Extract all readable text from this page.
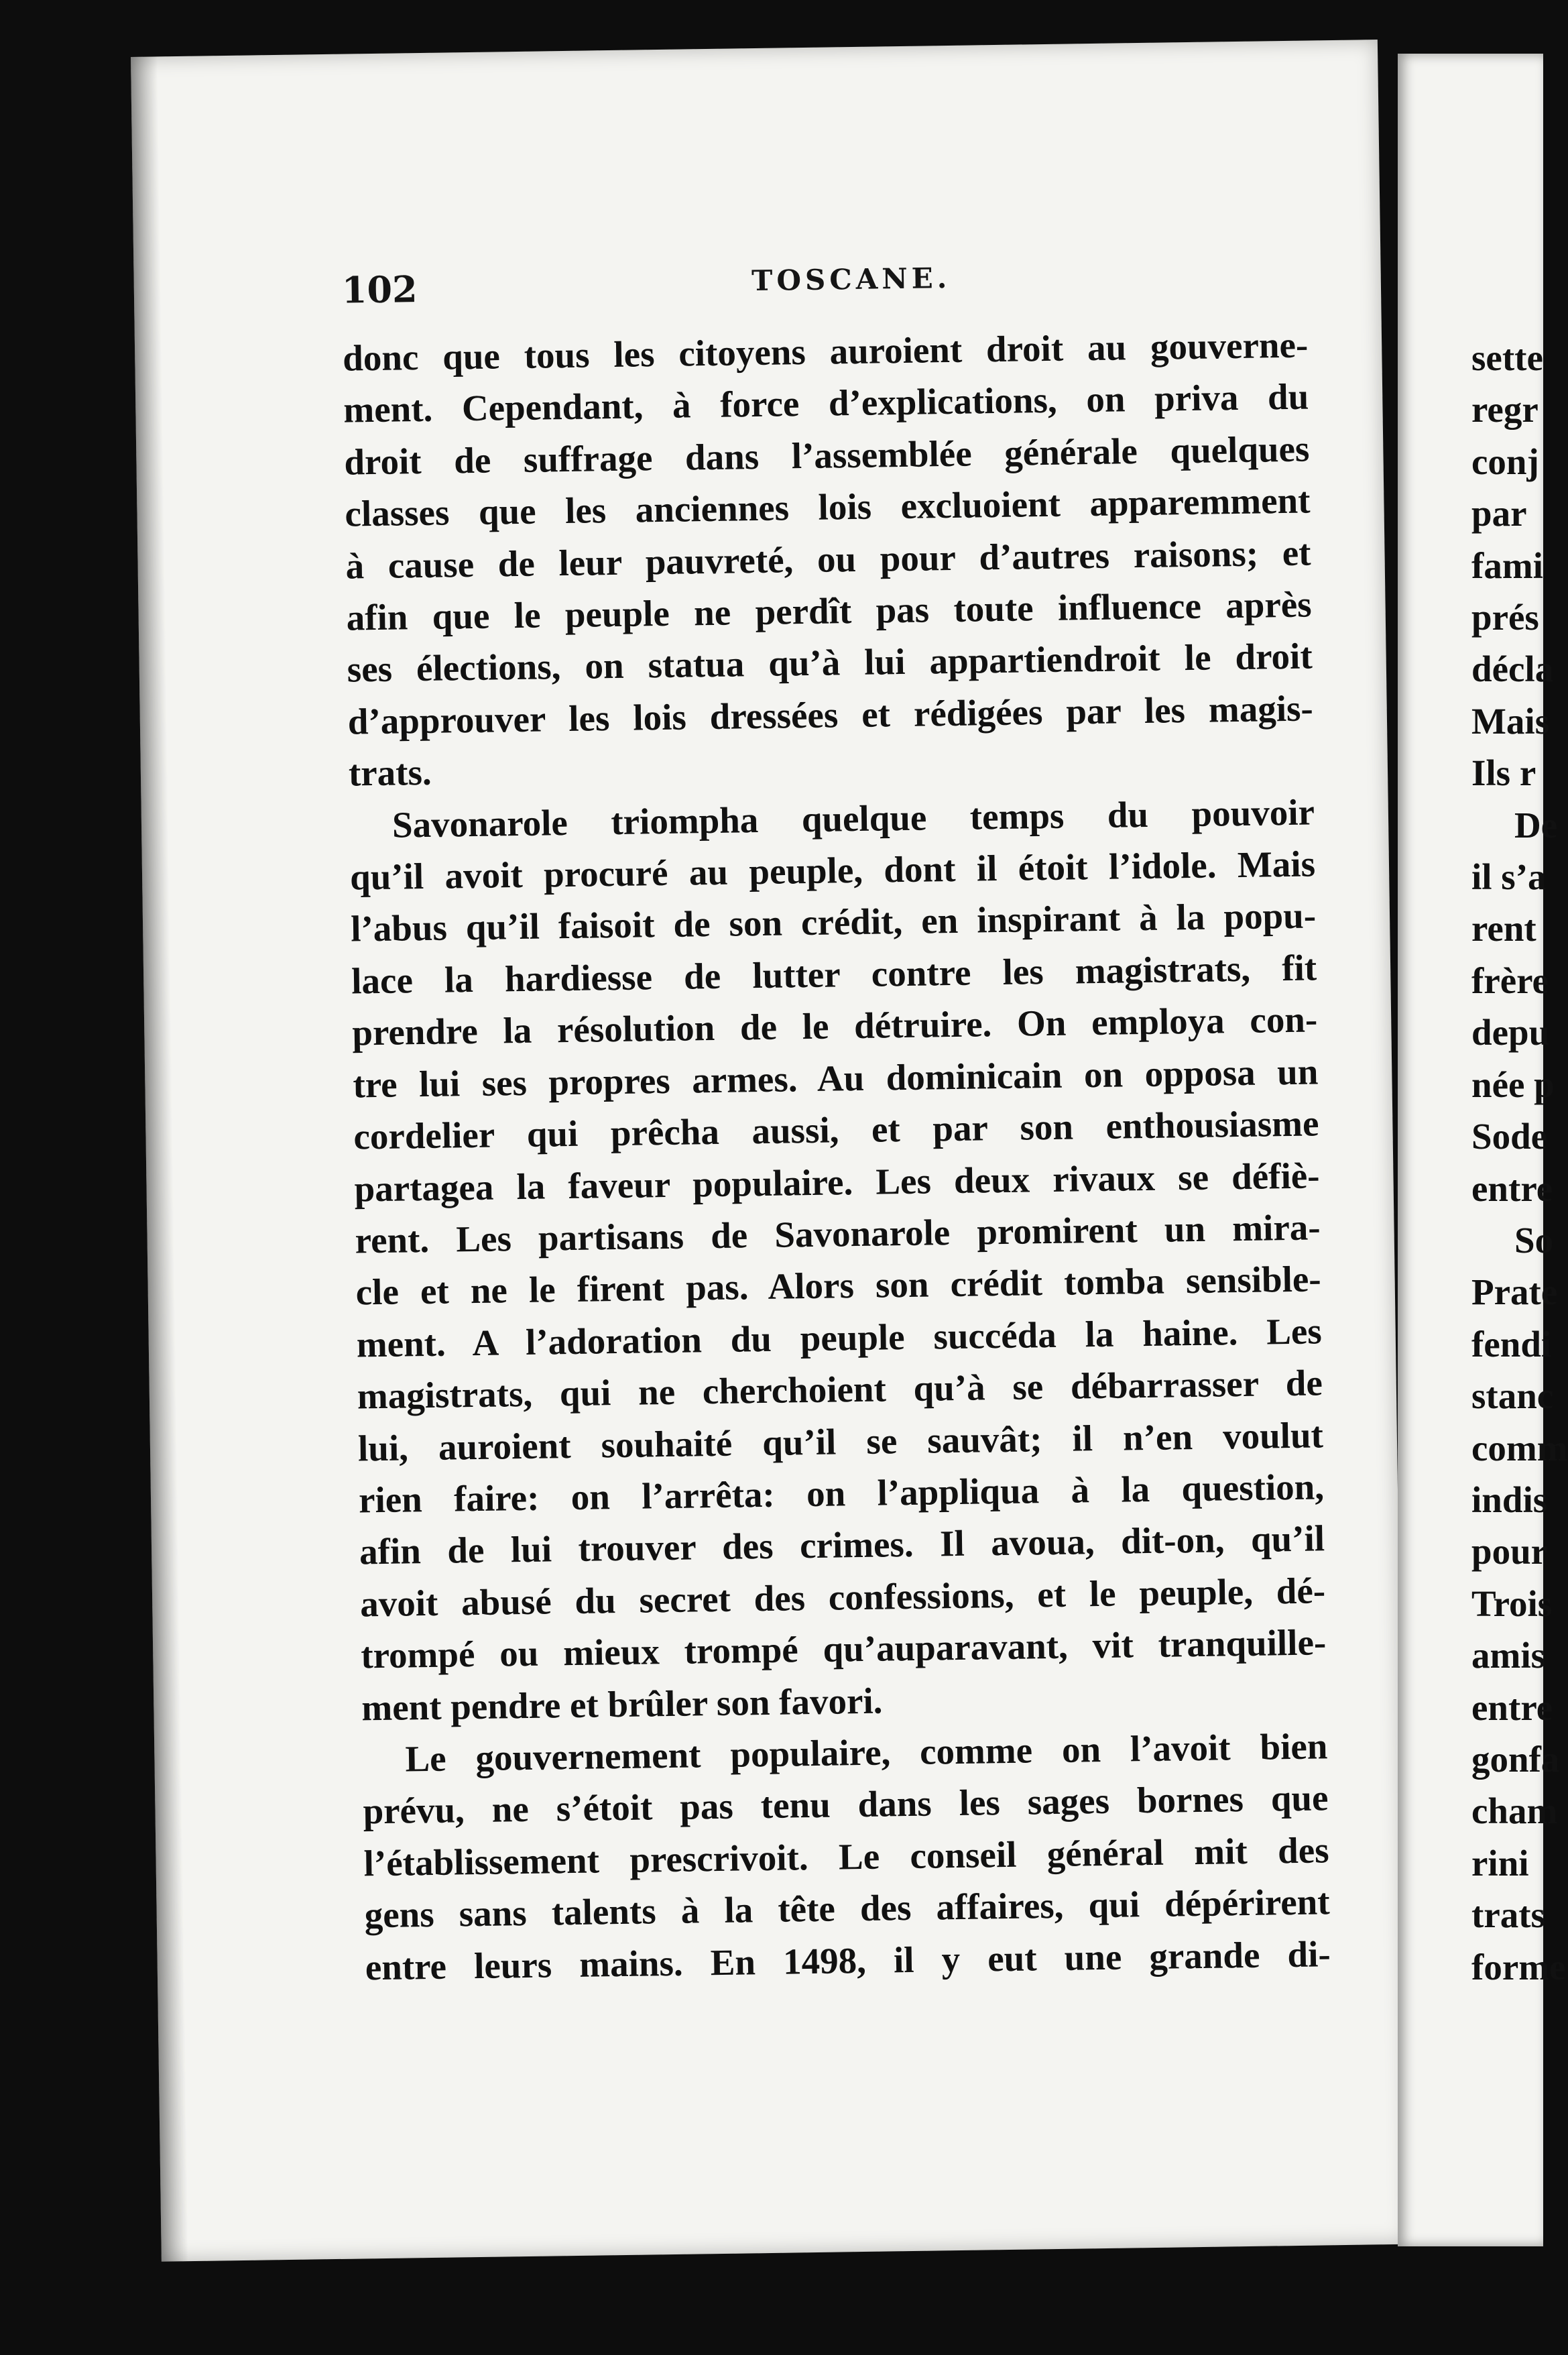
102	TOSCANE.
donc que tous les citoyens auroient droit au gouverne-
ment. Cependant, à force d’explications, on priva du
droit de suffrage dans l’assemblée générale quelques
classes que les anciennes lois excluoient apparemment
à cause de leur pauvreté, ou pour d’autres raisons; et
afin que le peuple ne perdît pas toute influence après
ses élections, on statua qu’à lui appartiendroit le droit
d’approuver les lois dressées et rédigées par les magis-
trats.
Savonarole triompha quelque temps du pouvoir
qu’il avoit procuré au peuple, dont il étoit l’idole. Mais
l’abus qu’il faisoit de son crédit, en inspirant à la popu-
lace la hardiesse de lutter contre les magistrats, fit
prendre la résolution de le détruire. On employa con-
tre lui ses propres armes. Au dominicain on opposa un
cordelier qui prêcha aussi, et par son enthousiasme
partagea la faveur populaire. Les deux rivaux se défiè-
rent. Les partisans de Savonarole promirent un mira-
cle et ne le firent pas. Alors son crédit tomba sensible-
ment. A l’adoration du peuple succéda la haine. Les
magistrats, qui ne cherchoient qu’à se débarrasser de
lui, auroient souhaité qu’il se sauvât; il n’en voulut
rien faire: on l’arrêta: on l’appliqua à la question,
afin de lui trouver des crimes. Il avoua, dit-on, qu’il
avoit abusé du secret des confessions, et le peuple, dé-
trompé ou mieux trompé qu’auparavant, vit tranquille-
ment pendre et brûler son favori.
Le gouvernement populaire, comme on l’avoit bien
prévu, ne s’étoit pas tenu dans les sages bornes que
l’établissement prescrivoit. Le conseil général mit des
gens sans talents à la tête des affaires, qui dépérirent
entre leurs mains. En 1498, il y eut une grande di-
sette
regr
conj
par
fami
prés
décla
Mais
Ils r
De
il s’a
rent
frère
depu
née p
Sode
entre
So
Prate
fendi
stanc
comm
indis
pour
Trois
amis
entre
gonfa
cham
rini
trats
forme
